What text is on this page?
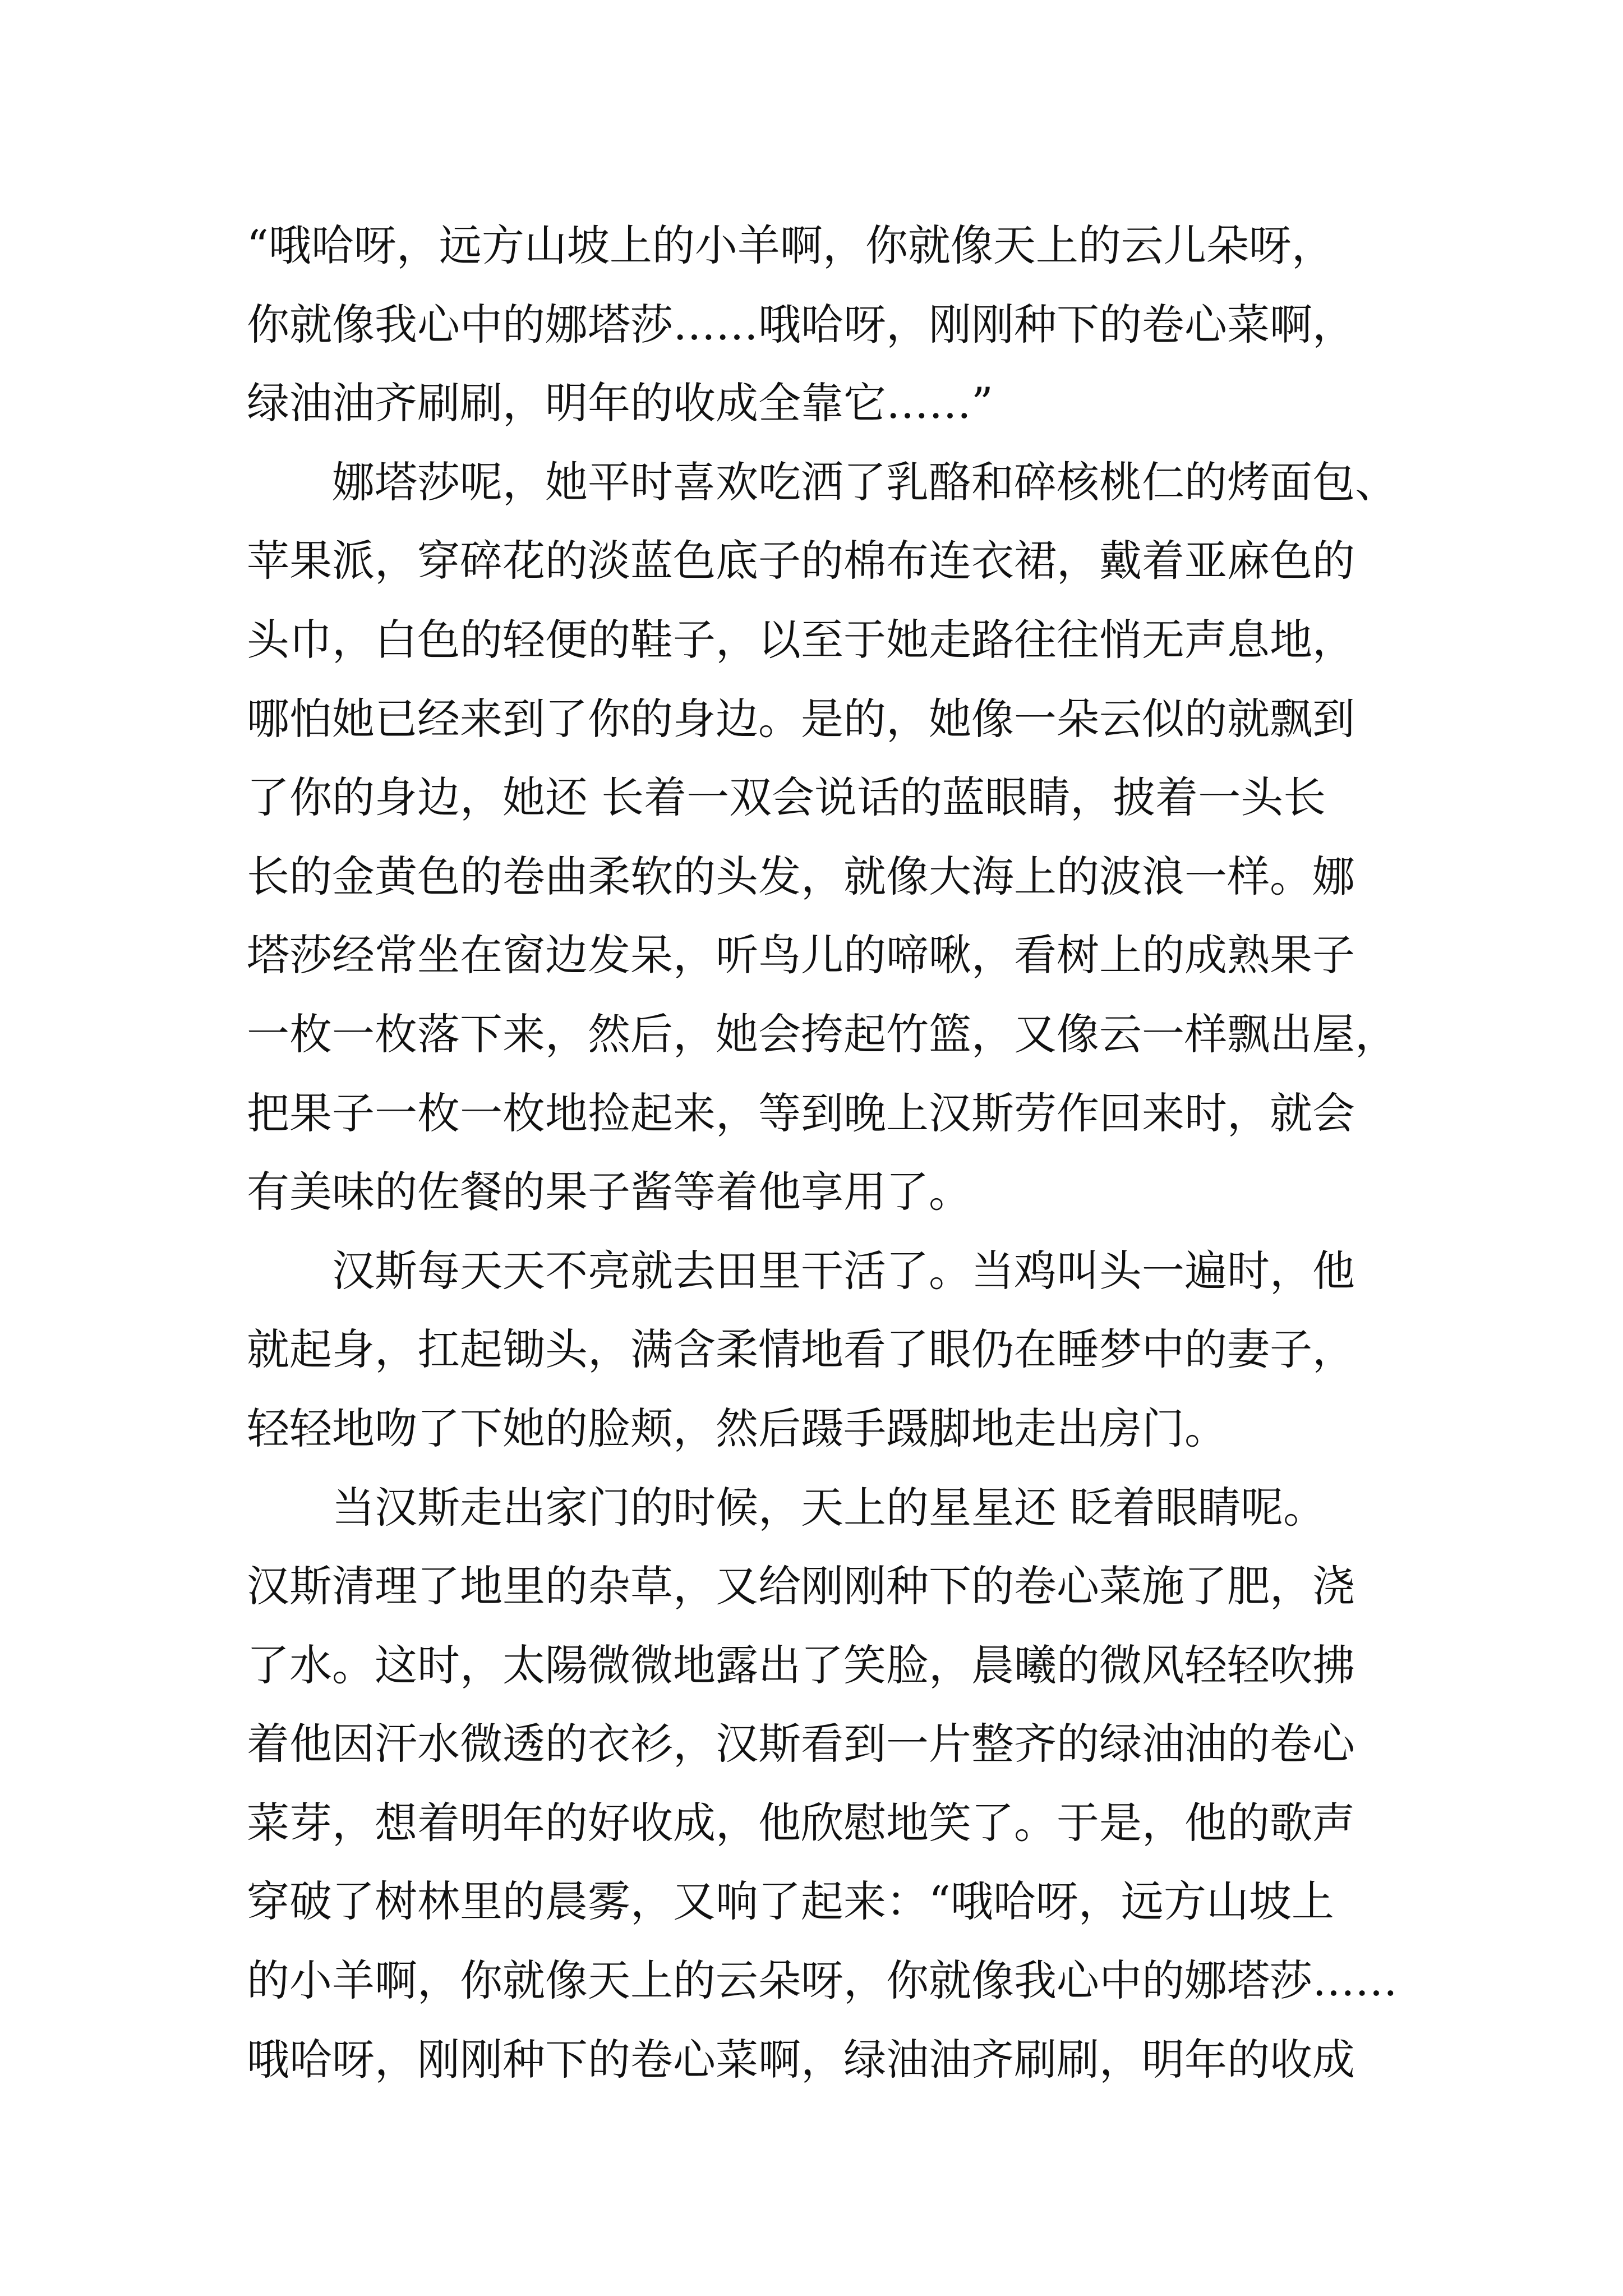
“哦哈呀，远方山坡上的小羊啊，你就像天上的云儿朵呀，
你就像我心中的娜塔莎……哦哈呀，刚刚种下的卷心菜啊，
绿油油齐刷刷，明年的收成全靠它……”
　　娜塔莎呢，她平时喜欢吃洒了乳酪和碎核桃仁的烤面包、
苹果派，穿碎花的淡蓝色底子的棉布连衣裙，戴着亚麻色的
头巾，白色的轻便的鞋子，以至于她走路往往悄无声息地，
哪怕她已经来到了你的身边。是的，她像一朵云似的就飘到
了你的身边，她还 长着一双会说话的蓝眼睛，披着一头长
长的金黄色的卷曲柔软的头发，就像大海上的波浪一样。娜
塔莎经常坐在窗边发呆，听鸟儿的啼啾，看树上的成熟果子
一枚一枚落下来，然后，她会挎起竹篮，又像云一样飘出屋，
把果子一枚一枚地捡起来，等到晚上汉斯劳作回来时，就会
有美味的佐餐的果子酱等着他享用了。
　　汉斯每天天不亮就去田里干活了。当鸡叫头一遍时，他
就起身，扛起锄头，满含柔情地看了眼仍在睡梦中的妻子，
轻轻地吻了下她的脸颊，然后蹑手蹑脚地走出房门。
　　当汉斯走出家门的时候，天上的星星还 眨着眼睛呢。
汉斯清理了地里的杂草，又给刚刚种下的卷心菜施了肥，浇
了水。这时，太陽微微地露出了笑脸，晨曦的微风轻轻吹拂
着他因汗水微透的衣衫，汉斯看到一片整齐的绿油油的卷心
菜芽，想着明年的好收成，他欣慰地笑了。于是，他的歌声
穿破了树林里的晨雾，又响了起来：“哦哈呀，远方山坡上
的小羊啊，你就像天上的云朵呀，你就像我心中的娜塔莎……
哦哈呀，刚刚种下的卷心菜啊，绿油油齐刷刷，明年的收成
